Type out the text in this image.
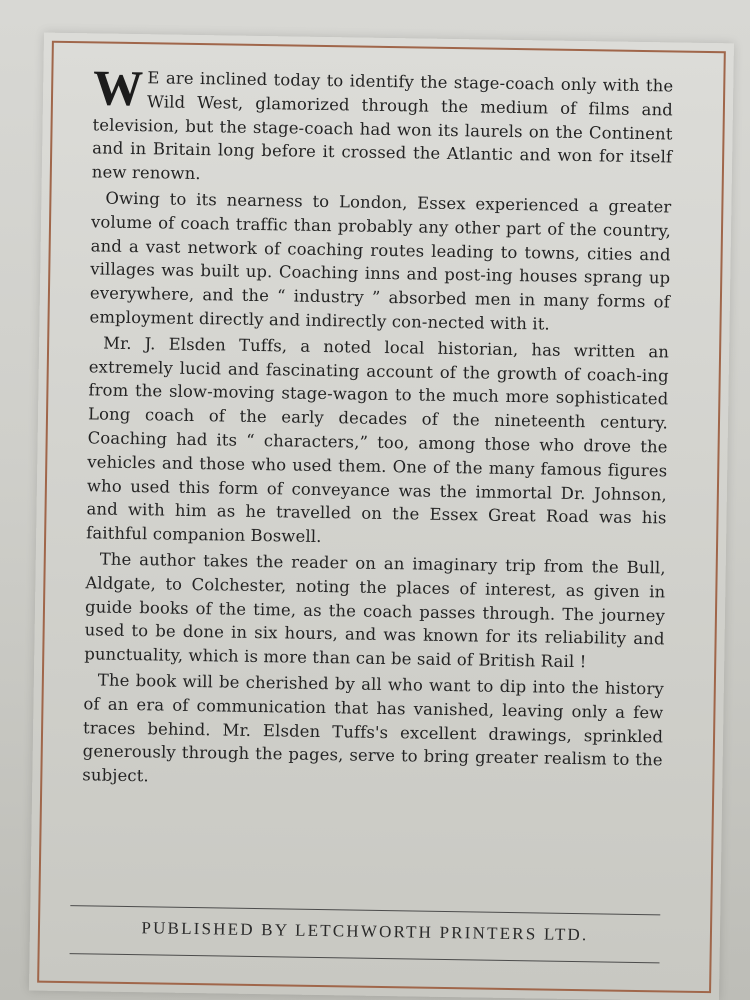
W E are inclined today to identify the stage-coach only with the Wild West, glamorized through the medium of films and television, but the stage-coach had won its laurels on the Continent and in Britain long before it crossed the Atlantic and won for itself new renown.

Owing to its nearness to London, Essex experienced a greater volume of coach traffic than probably any other part of the country, and a vast network of coaching routes leading to towns, cities and villages was built up. Coaching inns and post-ing houses sprang up everywhere, and the “ industry ” absorbed men in many forms of employment directly and indirectly con-nected with it.

Mr. J. Elsden Tuffs, a noted local historian, has written an extremely lucid and fascinating account of the growth of coach-ing from the slow-moving stage-wagon to the much more sophisticated Long coach of the early decades of the nineteenth century. Coaching had its “ characters,” too, among those who drove the vehicles and those who used them. One of the many famous figures who used this form of conveyance was the immortal Dr. Johnson, and with him as he travelled on the Essex Great Road was his faithful companion Boswell.

The author takes the reader on an imaginary trip from the Bull, Aldgate, to Colchester, noting the places of interest, as given in guide books of the time, as the coach passes through. The journey used to be done in six hours, and was known for its reliability and punctuality, which is more than can be said of British Rail !

The book will be cherished by all who want to dip into the history of an era of communication that has vanished, leaving only a few traces behind. Mr. Elsden Tuffs's excellent drawings, sprinkled generously through the pages, serve to bring greater realism to the subject.

PUBLISHED BY LETCHWORTH PRINTERS LTD.
